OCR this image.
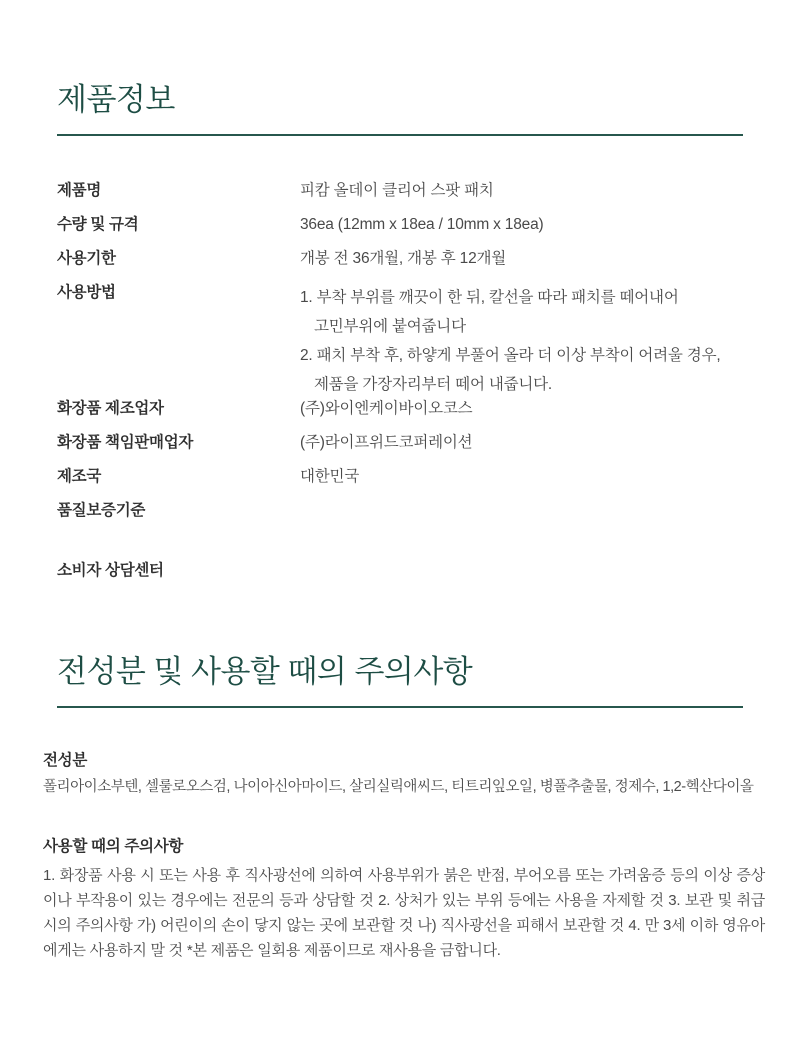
제품정보
제품명	피캄 올데이 클리어 스팟 패치
수량 및 규격	36ea (12mm x 18ea / 10mm x 18ea)
사용기한	개봉 전 36개월, 개봉 후 12개월
사용방법	1. 부착 부위를 깨끗이 한 뒤, 칼선을 따라 패치를 떼어내어
고민부위에 붙여줍니다
2. 패치 부착 후, 하얗게 부풀어 올라 더 이상 부착이 어려울 경우,
제품을 가장자리부터 떼어 내줍니다.
화장품 제조업자	(주)와이엔케이바이오코스
화장품 책임판매업자	(주)라이프위드코퍼레이션
제조국	대한민국
품질보증기준
소비자 상담센터
전성분 및 사용할 때의 주의사항
전성분
폴리아이소부텐, 셀룰로오스검, 나이아신아마이드, 살리실릭애씨드, 티트리잎오일, 병풀추출물, 정제수, 1,2-헥산다이올
사용할 때의 주의사항
1. 화장품 사용 시 또는 사용 후 직사광선에 의하여 사용부위가 붉은 반점, 부어오름 또는 가려움증 등의 이상 증상이나 부작용이 있는 경우에는 전문의 등과 상담할 것 2. 상처가 있는 부위 등에는 사용을 자제할 것 3. 보관 및 취급시의 주의사항 가) 어린이의 손이 닿지 않는 곳에 보관할 것 나) 직사광선을 피해서 보관할 것 4. 만 3세 이하 영유아에게는 사용하지 말 것 *본 제품은 일회용 제품이므로 재사용을 금합니다.
